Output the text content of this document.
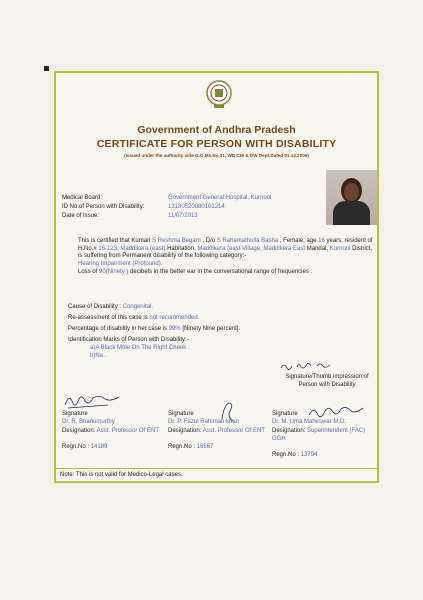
Government of Andhra Pradesh
CERTIFICATE FOR PERSON WITH DISABILITY
(Issued under the authority vide G.O.Ms.No.31, WD CW & DW Dept.Dated 01.12.2009)
Medical Board:	Government General Hospital, Kurnool
ID No.of Person with Disability:	13180520080101214
Date of Issue:	11/07/2013
This is certified that Kumari S Reshma Begam , D/o S Rahamathulla Basha , Female, age 16 years, resident of H.No.# 16-123, Maddikera (east) Habitation, Maddikera (east Village, Maddikera East Mandal, Kurnool District, is suffering from Permanent disability of the following category:-
Hearing Impairment (Profound).
Loss of 90(Ninety ) decibels in the better ear in the conversational range of frequencies .
Cause of Disability : Congenital.
Re-assessment of this case is not recommended.
Percentage of disability in her case is 99% [Ninety Nine percent].
Identification Marks of Person with Disability:-
a)A Black Mole On The Right Cheek .
b)Na .
Signature/Thumb impression of Person with Disability
Signature
Dr. R. Bhanumurthy
Designation: Asst. Professor Of ENT
Regn.No : 14189
Signature
Dr. P. Fazul Rahiman khan
Designation: Asst. Professor Of ENT
Regn.No : 16567
Signature
Dr. M. Uma Maheswar M.D.
Designation: Superintendent (FAC) GGH
Regn.No : 13794
Note: This is not valid for Medico-Legal cases.
